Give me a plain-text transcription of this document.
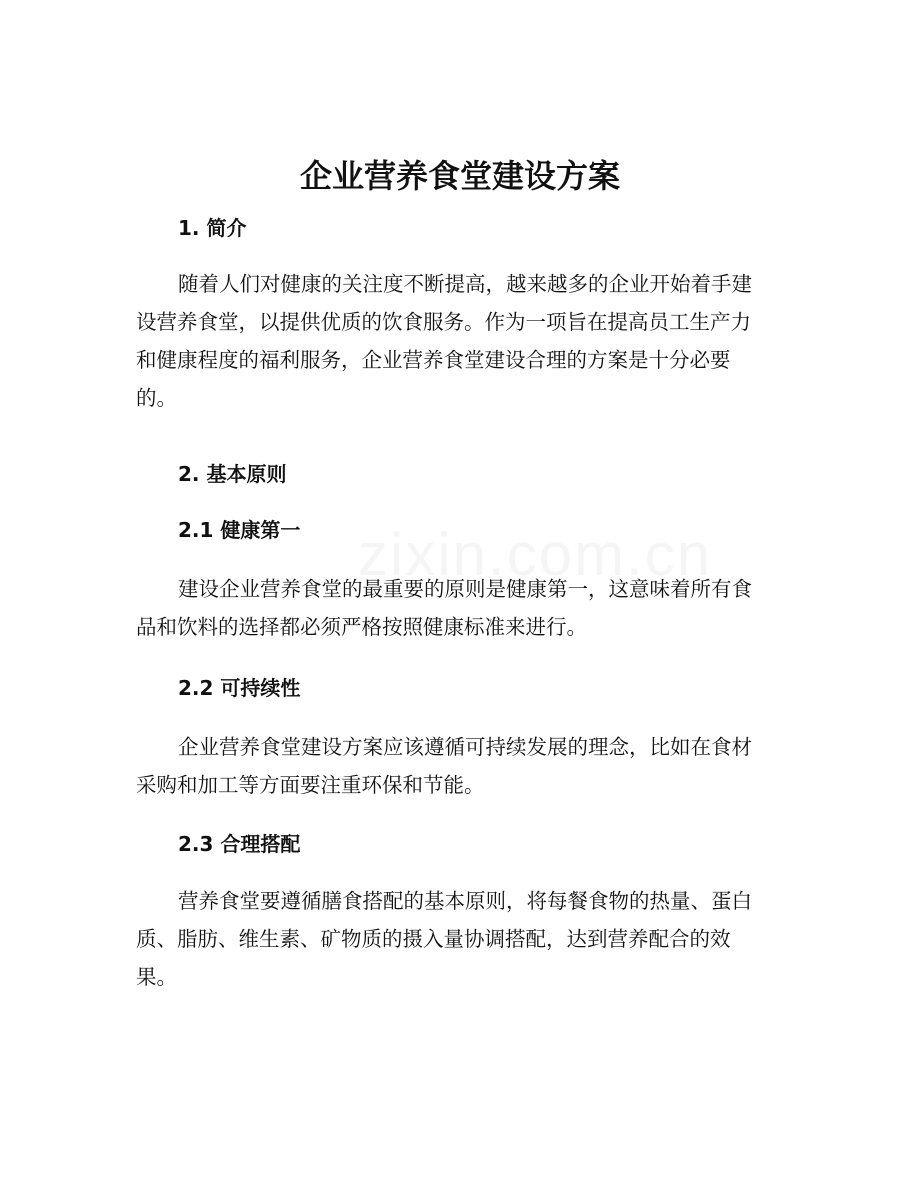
zixin.com.cn
企业营养食堂建设方案
1. 简介

随着人们对健康的关注度不断提高，越来越多的企业开始着手建设营养食堂，以提供优质的饮食服务。作为一项旨在提高员工生产力和健康程度的福利服务，企业营养食堂建设合理的方案是十分必要的。

2. 基本原则
2.1 健康第一

建设企业营养食堂的最重要的原则是健康第一，这意味着所有食品和饮料的选择都必须严格按照健康标准来进行。

2.2 可持续性

企业营养食堂建设方案应该遵循可持续发展的理念，比如在食材采购和加工等方面要注重环保和节能。

2.3 合理搭配

营养食堂要遵循膳食搭配的基本原则，将每餐食物的热量、蛋白质、脂肪、维生素、矿物质的摄入量协调搭配，达到营养配合的效果。
